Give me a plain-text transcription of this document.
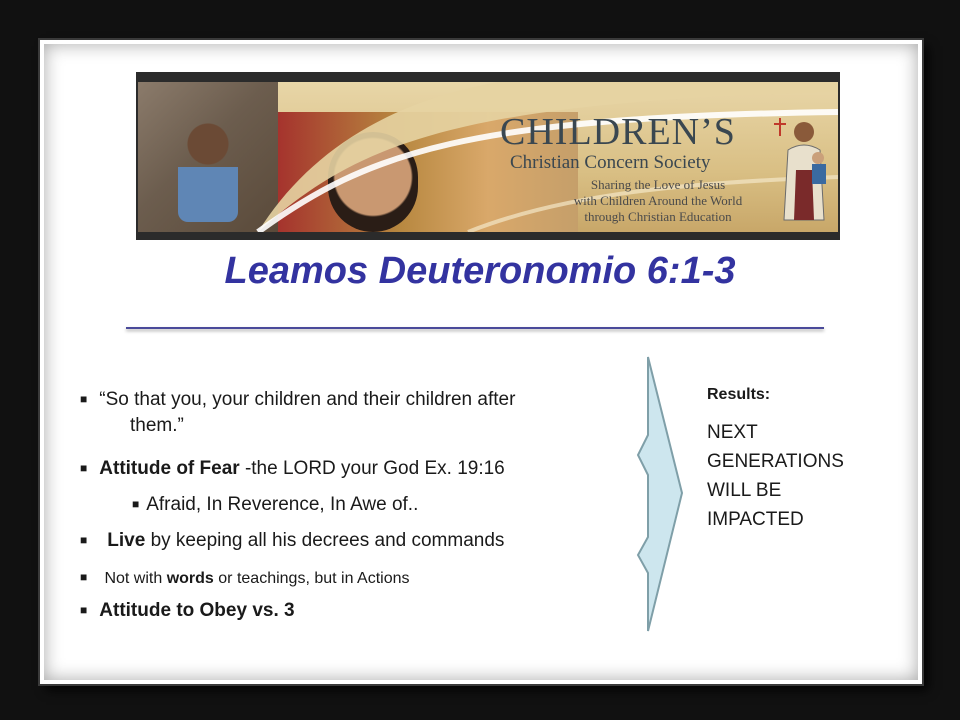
CHILDREN’S
Christian Concern Society
Sharing the Love of Jesus
with Children Around the World
through Christian Education
Leamos Deuteronomio 6:1-3
■ “So that you, your children and their children after
them.”
■ Attitude of Fear -the LORD your God Ex. 19:16
■ Afraid, In Reverence, In Awe of..
■ Live by keeping all his decrees and commands
■ Not with words or teachings, but in Actions
■ Attitude to Obey vs. 3
Results:
NEXT
GENERATIONS
WILL BE
IMPACTED
